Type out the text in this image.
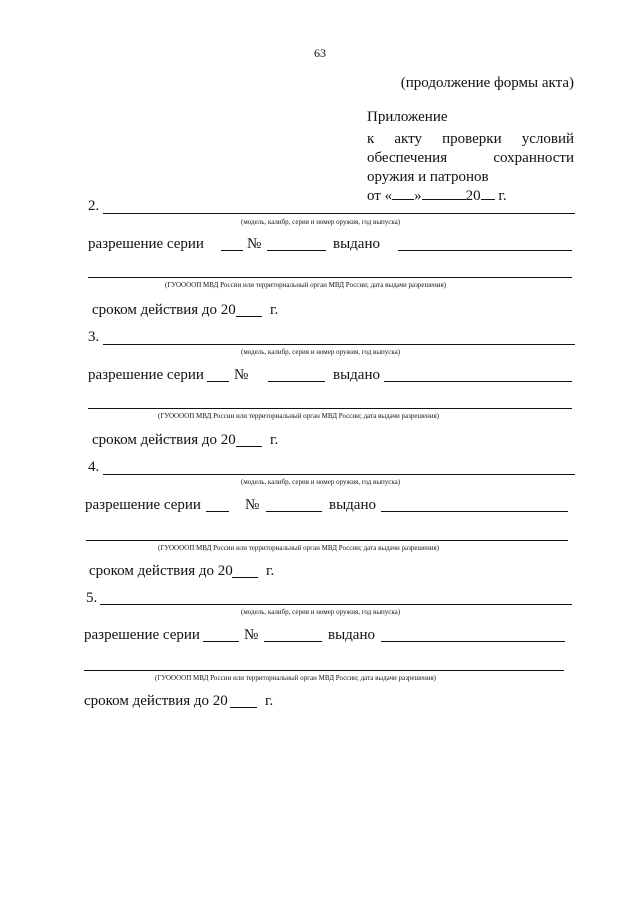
63
(продолжение формы акта)
Приложение
к акту проверки условий
обеспечения сохранности
оружия и патронов
от « »	20 г.
2.
(модель, калибр, серия и номер оружия, год выпуска)
разрешение серии	№	выдано
(ГУООООП МВД России или территориальный орган МВД России; дата выдачи разрешения)
сроком действия до 20 г.
3.
(модель, калибр, серия и номер оружия, год выпуска)
разрешение серии №	выдано
(ГУООООП МВД России или территориальный орган МВД России; дата выдачи разрешения)
сроком действия до 20 г.
4.
(модель, калибр, серия и номер оружия, год выпуска)
разрешение серии	№	выдано
(ГУООООП МВД России или территориальный орган МВД России; дата выдачи разрешения)
сроком действия до 20 г.
5.
(модель, калибр, серия и номер оружия, год выпуска)
разрешение серии	№	выдано
(ГУООООП МВД России или территориальный орган МВД России; дата выдачи разрешения)
сроком действия до 20 г.
